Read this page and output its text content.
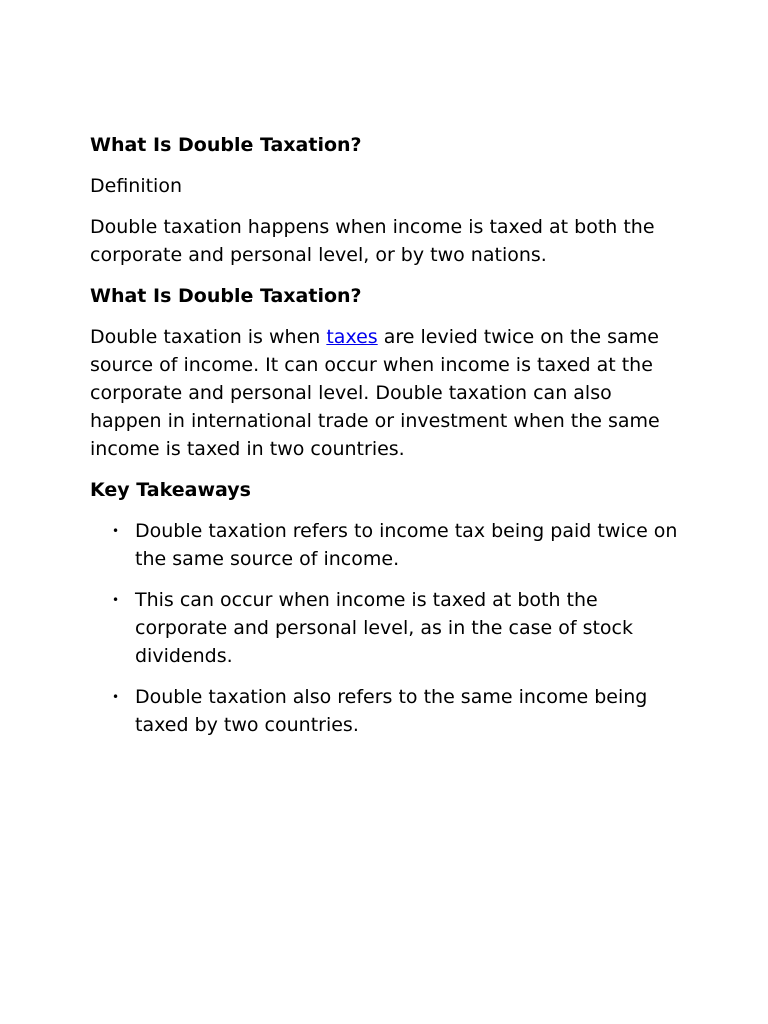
What Is Double Taxation?

Definition

Double taxation happens when income is taxed at both the corporate and personal level, or by two nations.

What Is Double Taxation?

Double taxation is when taxes are levied twice on the same source of income. It can occur when income is taxed at the corporate and personal level. Double taxation can also happen in international trade or investment when the same income is taxed in two countries.

Key Takeaways
• Double taxation refers to income tax being paid twice on the same source of income.
• This can occur when income is taxed at both the corporate and personal level, as in the case of stock dividends.
• Double taxation also refers to the same income being taxed by two countries.
